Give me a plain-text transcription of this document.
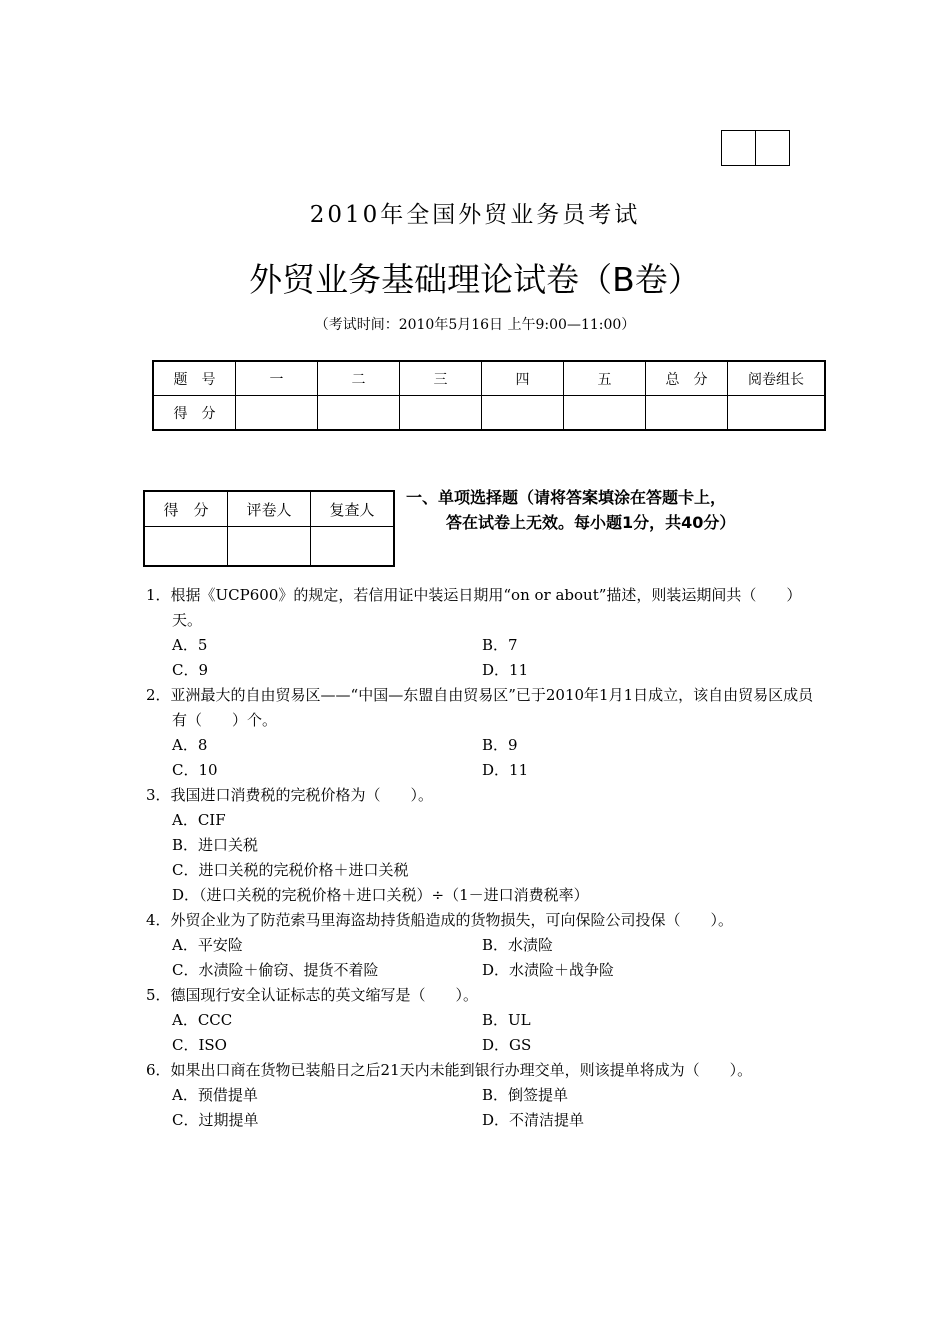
2010年全国外贸业务员考试
外贸业务基础理论试卷（B卷）
（考试时间：2010年5月16日 上午9:00—11:00）
题　号	一	二	三	四	五	总　分	阅卷组长
得　分							
得　分	评卷人	复查人

一、单项选择题（请将答案填涂在答题卡上，
答在试卷上无效。每小题1分，共40分）
1．根据《UCP600》的规定，若信用证中装运日期用“on or about”描述，则装运期间共（　　）天。
A．5	B．7
C．9	D．11
2．亚洲最大的自由贸易区——“中国—东盟自由贸易区”已于2010年1月1日成立，该自由贸易区成员有（　　）个。
A．8	B．9
C．10	D．11
3．我国进口消费税的完税价格为（　　）。
A．CIF
B．进口关税
C．进口关税的完税价格＋进口关税
D．（进口关税的完税价格＋进口关税）÷（1－进口消费税率）
4．外贸企业为了防范索马里海盗劫持货船造成的货物损失，可向保险公司投保（　　）。
A．平安险	B．水渍险
C．水渍险＋偷窃、提货不着险	D．水渍险＋战争险
5．德国现行安全认证标志的英文缩写是（　　）。
A．CCC	B．UL
C．ISO	D．GS
6．如果出口商在货物已装船日之后21天内未能到银行办理交单，则该提单将成为（　　）。
A．预借提单	B．倒签提单
C．过期提单	D．不清洁提单
